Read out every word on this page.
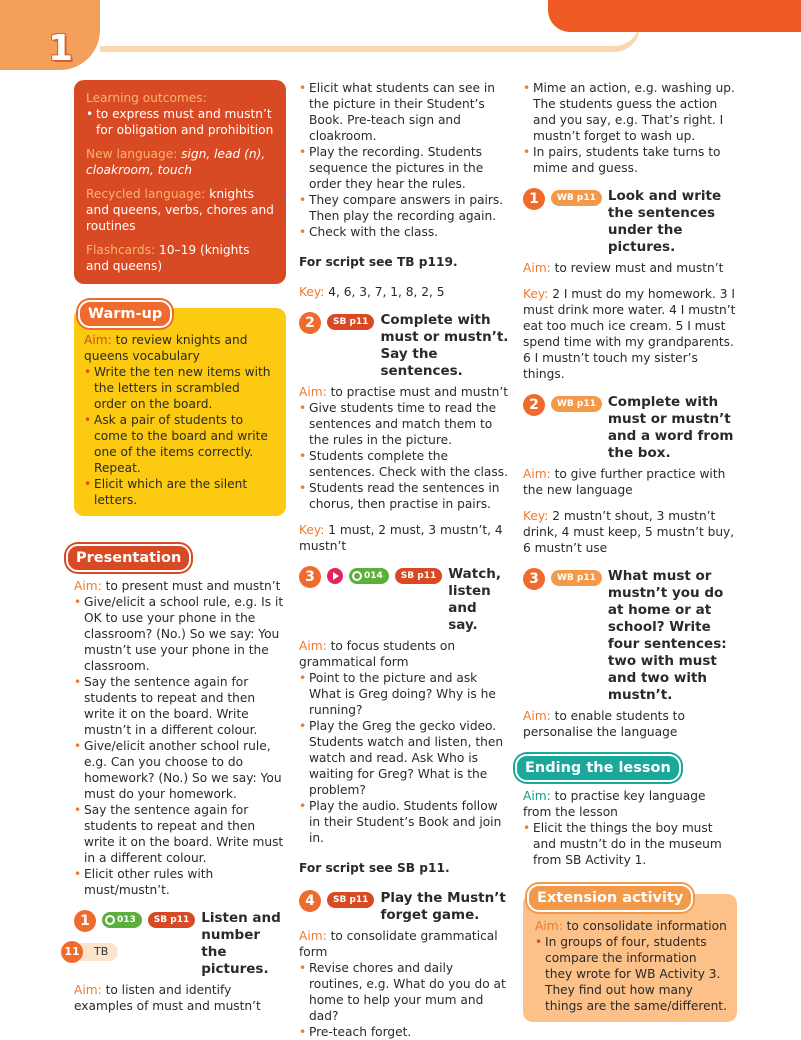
1
Learning outcomes:
• to express must and mustn’t for obligation and prohibition

New language: sign, lead (n), cloakroom, touch

Recycled language: knights and queens, verbs, chores and routines

Flashcards: 10–19 (knights and queens)

Warm-up

Aim: to review knights and queens vocabulary

• Write the ten new items with the letters in scrambled order on the board.
• Ask a pair of students to come to the board and write one of the items correctly. Repeat.
• Elicit which are the silent letters.
Presentation

Aim: to present must and mustn’t

• Give/elicit a school rule, e.g. Is it OK to use your phone in the classroom? (No.) So we say: You mustn’t use your phone in the classroom.
• Say the sentence again for students to repeat and then write it on the board. Write mustn’t in a different colour.
• Give/elicit another school rule, e.g. Can you choose to do homework? (No.) So we say: You must do your homework.
• Say the sentence again for students to repeat and then write it on the board. Write must in a different colour.
• Elicit other rules with must/mustn’t.
1	013	SB p11 Listen and number the pictures.

Aim: to listen and identify examples of must and mustn’t

• Elicit what students can see in the picture in their Student’s Book. Pre-teach sign and cloakroom.
• Play the recording. Students sequence the pictures in the order they hear the rules.
• They compare answers in pairs. Then play the recording again.
• Check with the class.

For script see TB p119.

Key: 4, 6, 3, 7, 1, 8, 2, 5

2	SB p11 Complete with must or mustn’t. Say the sentences.

Aim: to practise must and mustn’t

• Give students time to read the sentences and match them to the rules in the picture.
• Students complete the sentences. Check with the class.
• Students read the sentences in chorus, then practise in pairs.

Key: 1 must, 2 must, 3 mustn’t, 4 mustn’t

3	014	SB p11 Watch, listen and say.

Aim: to focus students on grammatical form

• Point to the picture and ask What is Greg doing? Why is he running?
• Play the Greg the gecko video. Students watch and listen, then watch and read. Ask Who is waiting for Greg? What is the problem?
• Play the audio. Students follow in their Student’s Book and join in.

For script see SB p11.

4	SB p11 Play the Mustn’t forget game.

Aim: to consolidate grammatical form

• Revise chores and daily routines, e.g. What do you do at home to help your mum and dad?
• Pre-teach forget.
• Mime an action, e.g. washing up. The students guess the action and you say, e.g. That’s right. I mustn’t forget to wash up.
• In pairs, students take turns to mime and guess.
1	WB p11 Look and write the sentences under the pictures.

Aim: to review must and mustn’t

Key: 2 I must do my homework. 3 I must drink more water. 4 I mustn’t eat too much ice cream. 5 I must spend time with my grandparents. 6 I mustn’t touch my sister’s things.

2	WB p11 Complete with must or mustn’t and a word from the box.

Aim: to give further practice with the new language

Key: 2 mustn’t shout, 3 mustn’t drink, 4 must keep, 5 mustn’t buy, 6 mustn’t use

3	WB p11 What must or mustn’t you do at home or at school? Write four sentences: two with must and two with mustn’t.

Aim: to enable students to personalise the language

Ending the lesson

Aim: to practise key language from the lesson

• Elicit the things the boy must and mustn’t do in the museum from SB Activity 1.
Extension activity

Aim: to consolidate information

• In groups of four, students compare the information they wrote for WB Activity 3. They find out how many things are the same/different.
TB
11
